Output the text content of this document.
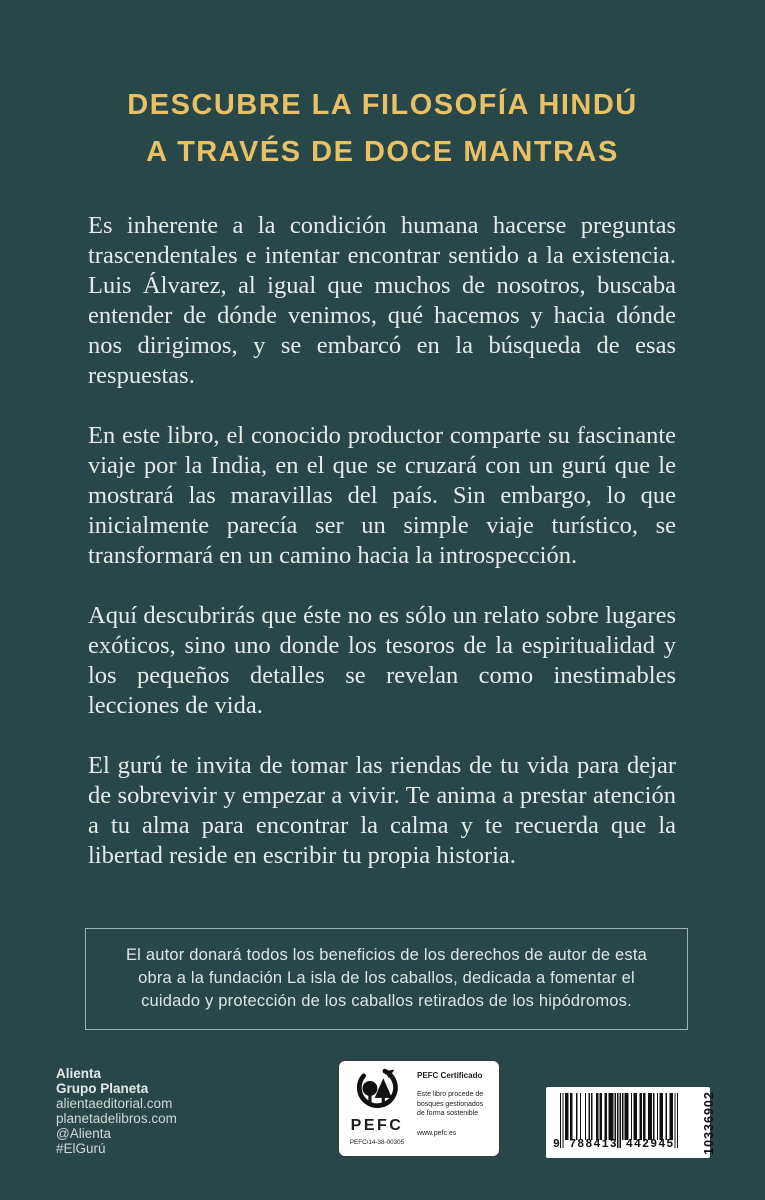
DESCUBRE LA FILOSOFÍA HINDÚ
A TRAVÉS DE DOCE MANTRAS

Es inherente a la condición humana hacerse preguntas trascendentales e intentar encontrar sentido a la existencia. Luis Álvarez, al igual que muchos de nosotros, buscaba entender de dónde venimos, qué hacemos y hacia dónde nos dirigimos, y se embarcó en la búsqueda de esas respuestas.

En este libro, el conocido productor comparte su fascinante viaje por la India, en el que se cruzará con un gurú que le mostrará las maravillas del país. Sin embargo, lo que inicialmente parecía ser un simple viaje turístico, se transformará en un camino hacia la introspección.

Aquí descubrirás que éste no es sólo un relato sobre lugares exóticos, sino uno donde los tesoros de la espiritualidad y los pequeños detalles se revelan como inestimables lecciones de vida.

El gurú te invita de tomar las riendas de tu vida para dejar de sobrevivir y empezar a vivir. Te anima a prestar atención a tu alma para encontrar la calma y te recuerda que la libertad reside en escribir tu propia historia.

El autor donará todos los beneficios de los derechos de autor de esta obra a la fundación La isla de los caballos, dedicada a fomentar el cuidado y protección de los caballos retirados de los hipódromos.
Alienta
Grupo Planeta
alientaeditorial.com
planetadelibros.com
@Alienta
#ElGurú
PEFC
PEFC/14-38-00305
PEFC Certificado
Este libro procede de bosques gestionados de forma sostenible
www.pefc.es
9 788413 442945 10336902
